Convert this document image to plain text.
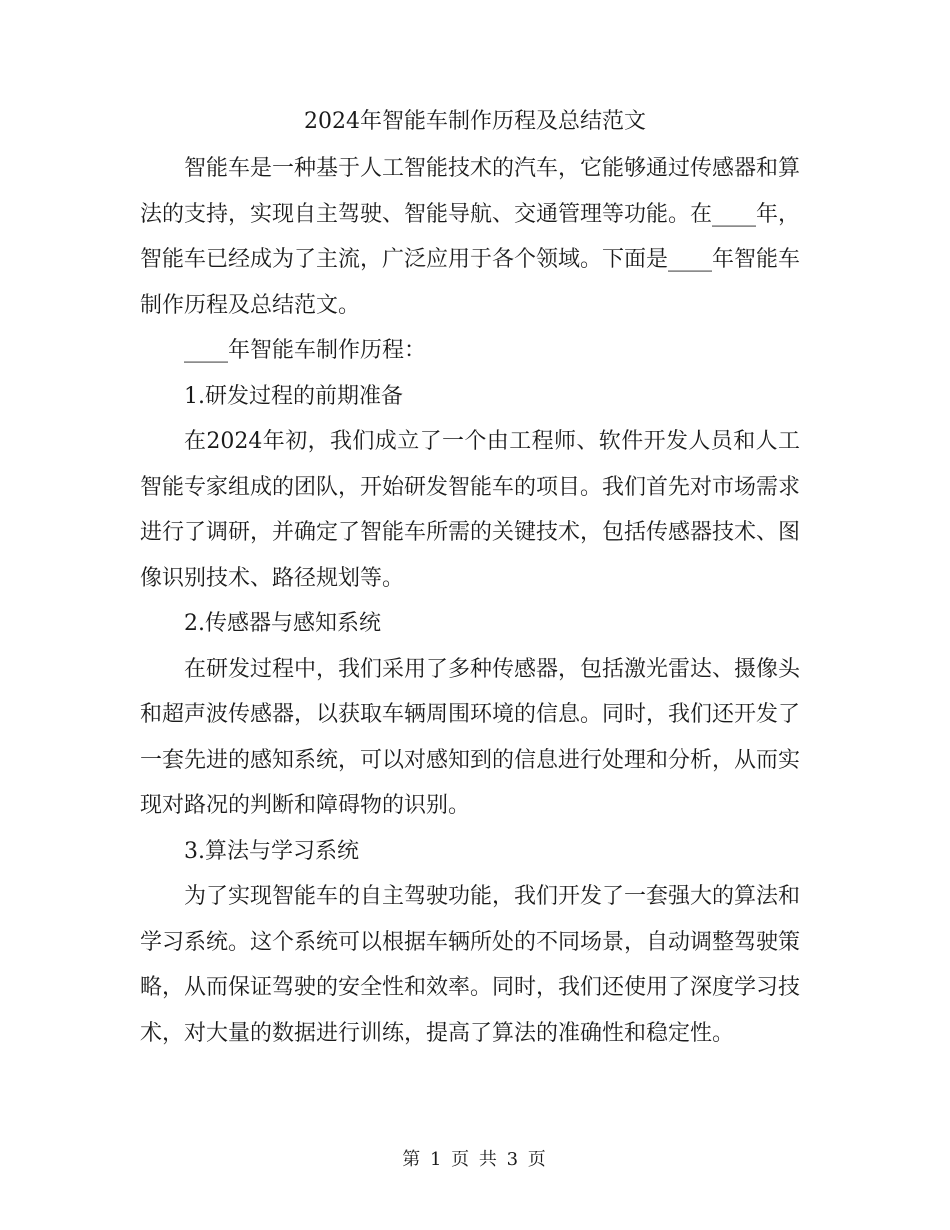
2024年智能车制作历程及总结范文

智能车是一种基于人工智能技术的汽车，它能够通过传感器和算法的支持，实现自主驾驶、智能导航、交通管理等功能。在____年，智能车已经成为了主流，广泛应用于各个领域。下面是____年智能车制作历程及总结范文。

____年智能车制作历程：

1.研发过程的前期准备

在2024年初，我们成立了一个由工程师、软件开发人员和人工智能专家组成的团队，开始研发智能车的项目。我们首先对市场需求进行了调研，并确定了智能车所需的关键技术，包括传感器技术、图像识别技术、路径规划等。

2.传感器与感知系统

在研发过程中，我们采用了多种传感器，包括激光雷达、摄像头和超声波传感器，以获取车辆周围环境的信息。同时，我们还开发了一套先进的感知系统，可以对感知到的信息进行处理和分析，从而实现对路况的判断和障碍物的识别。

3.算法与学习系统

为了实现智能车的自主驾驶功能，我们开发了一套强大的算法和学习系统。这个系统可以根据车辆所处的不同场景，自动调整驾驶策略，从而保证驾驶的安全性和效率。同时，我们还使用了深度学习技术，对大量的数据进行训练，提高了算法的准确性和稳定性。

第 1 页 共 3 页
